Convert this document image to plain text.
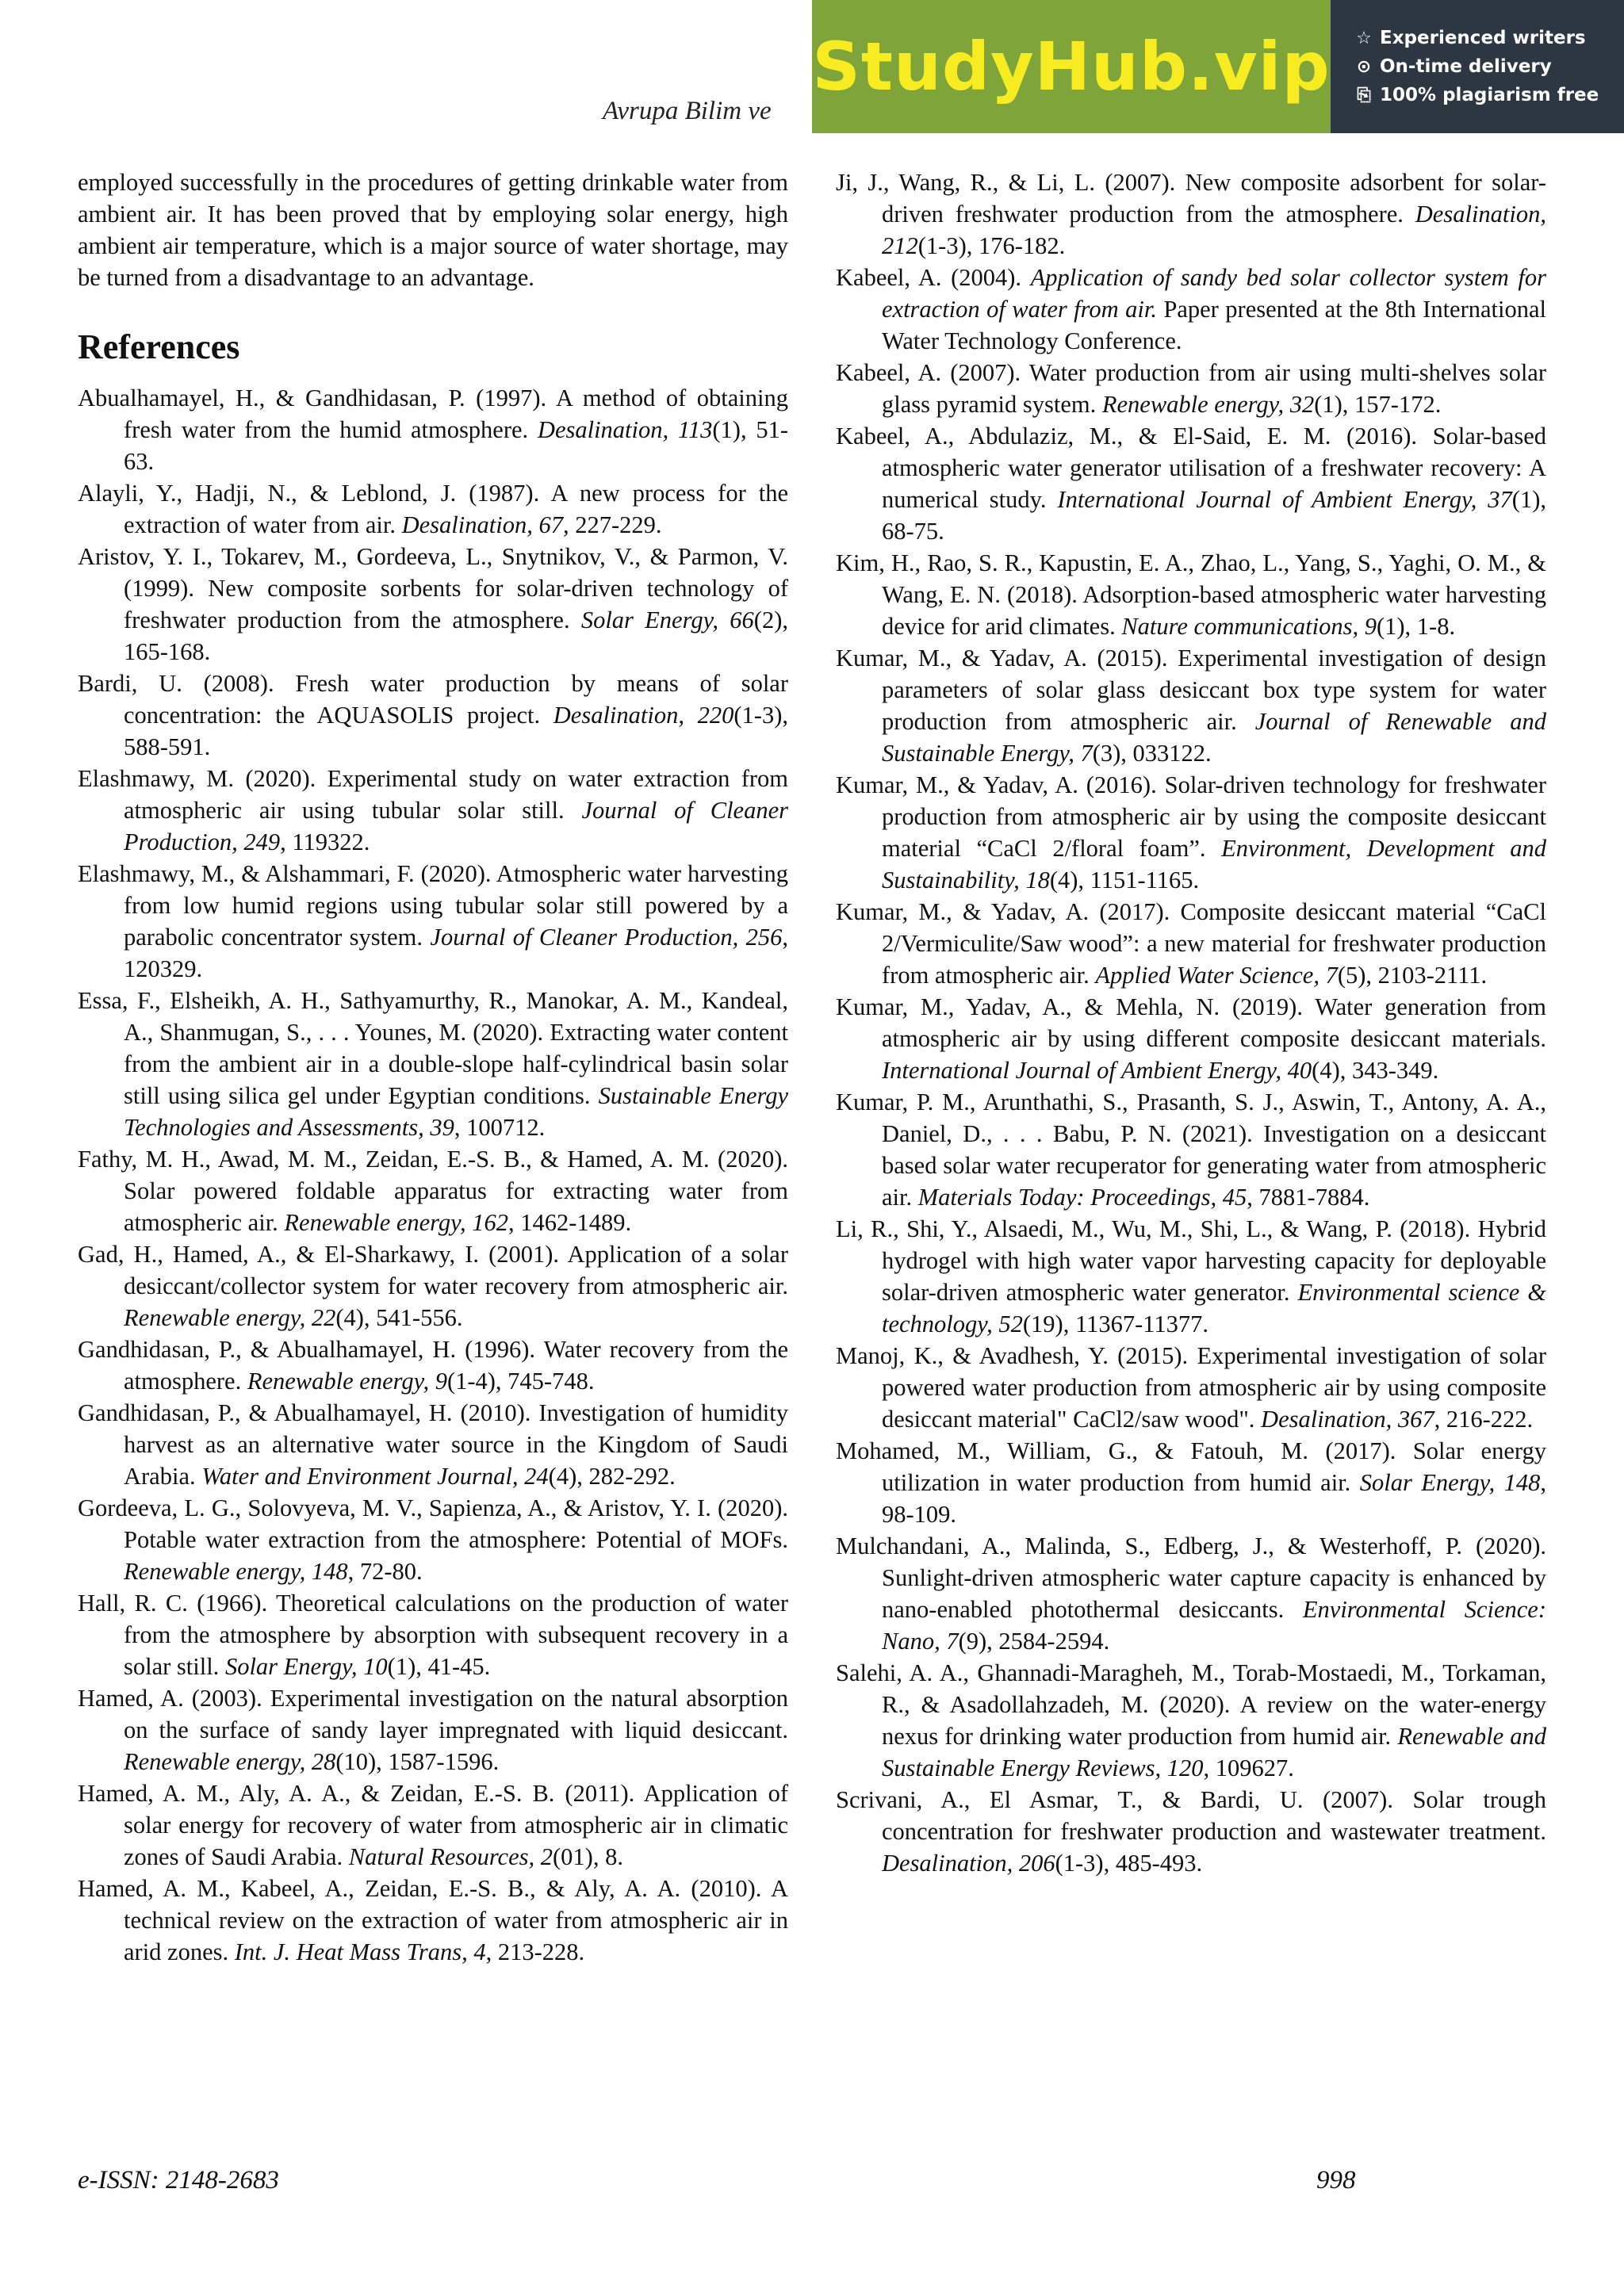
Avrupa Bilim ve
StudyHub.vip ☆ Experienced writers
⊙ On-time delivery
⎘ 100% plagiarism free

employed successfully in the procedures of getting drinkable water from ambient air. It has been proved that by employing solar energy, high ambient air temperature, which is a major source of water shortage, may be turned from a disadvantage to an advantage.

References

Abualhamayel, H., & Gandhidasan, P. (1997). A method of obtaining fresh water from the humid atmosphere. Desalination, 113(1), 51-63.

Alayli, Y., Hadji, N., & Leblond, J. (1987). A new process for the extraction of water from air. Desalination, 67, 227-229.

Aristov, Y. I., Tokarev, M., Gordeeva, L., Snytnikov, V., & Parmon, V. (1999). New composite sorbents for solar-driven technology of freshwater production from the atmosphere. Solar Energy, 66(2), 165-168.

Bardi, U. (2008). Fresh water production by means of solar concentration: the AQUASOLIS project. Desalination, 220(1-3), 588-591.

Elashmawy, M. (2020). Experimental study on water extraction from atmospheric air using tubular solar still. Journal of Cleaner Production, 249, 119322.

Elashmawy, M., & Alshammari, F. (2020). Atmospheric water harvesting from low humid regions using tubular solar still powered by a parabolic concentrator system. Journal of Cleaner Production, 256, 120329.

Essa, F., Elsheikh, A. H., Sathyamurthy, R., Manokar, A. M., Kandeal, A., Shanmugan, S., . . . Younes, M. (2020). Extracting water content from the ambient air in a double-slope half-cylindrical basin solar still using silica gel under Egyptian conditions. Sustainable Energy Technologies and Assessments, 39, 100712.

Fathy, M. H., Awad, M. M., Zeidan, E.-S. B., & Hamed, A. M. (2020). Solar powered foldable apparatus for extracting water from atmospheric air. Renewable energy, 162, 1462-1489.

Gad, H., Hamed, A., & El-Sharkawy, I. (2001). Application of a solar desiccant/collector system for water recovery from atmospheric air. Renewable energy, 22(4), 541-556.

Gandhidasan, P., & Abualhamayel, H. (1996). Water recovery from the atmosphere. Renewable energy, 9(1-4), 745-748.

Gandhidasan, P., & Abualhamayel, H. (2010). Investigation of humidity harvest as an alternative water source in the Kingdom of Saudi Arabia. Water and Environment Journal, 24(4), 282-292.

Gordeeva, L. G., Solovyeva, M. V., Sapienza, A., & Aristov, Y. I. (2020). Potable water extraction from the atmosphere: Potential of MOFs. Renewable energy, 148, 72-80.

Hall, R. C. (1966). Theoretical calculations on the production of water from the atmosphere by absorption with subsequent recovery in a solar still. Solar Energy, 10(1), 41-45.

Hamed, A. (2003). Experimental investigation on the natural absorption on the surface of sandy layer impregnated with liquid desiccant. Renewable energy, 28(10), 1587-1596.

Hamed, A. M., Aly, A. A., & Zeidan, E.-S. B. (2011). Application of solar energy for recovery of water from atmospheric air in climatic zones of Saudi Arabia. Natural Resources, 2(01), 8.

Hamed, A. M., Kabeel, A., Zeidan, E.-S. B., & Aly, A. A. (2010). A technical review on the extraction of water from atmospheric air in arid zones. Int. J. Heat Mass Trans, 4, 213-228.

Ji, J., Wang, R., & Li, L. (2007). New composite adsorbent for solar-driven freshwater production from the atmosphere. Desalination, 212(1-3), 176-182.

Kabeel, A. (2004). Application of sandy bed solar collector system for extraction of water from air. Paper presented at the 8th International Water Technology Conference.

Kabeel, A. (2007). Water production from air using multi-shelves solar glass pyramid system. Renewable energy, 32(1), 157-172.

Kabeel, A., Abdulaziz, M., & El-Said, E. M. (2016). Solar-based atmospheric water generator utilisation of a freshwater recovery: A numerical study. International Journal of Ambient Energy, 37(1), 68-75.

Kim, H., Rao, S. R., Kapustin, E. A., Zhao, L., Yang, S., Yaghi, O. M., & Wang, E. N. (2018). Adsorption-based atmospheric water harvesting device for arid climates. Nature communications, 9(1), 1-8.

Kumar, M., & Yadav, A. (2015). Experimental investigation of design parameters of solar glass desiccant box type system for water production from atmospheric air. Journal of Renewable and Sustainable Energy, 7(3), 033122.

Kumar, M., & Yadav, A. (2016). Solar-driven technology for freshwater production from atmospheric air by using the composite desiccant material “CaCl 2/floral foam”. Environment, Development and Sustainability, 18(4), 1151-1165.

Kumar, M., & Yadav, A. (2017). Composite desiccant material “CaCl 2/Vermiculite/Saw wood”: a new material for freshwater production from atmospheric air. Applied Water Science, 7(5), 2103-2111.

Kumar, M., Yadav, A., & Mehla, N. (2019). Water generation from atmospheric air by using different composite desiccant materials. International Journal of Ambient Energy, 40(4), 343-349.

Kumar, P. M., Arunthathi, S., Prasanth, S. J., Aswin, T., Antony, A. A., Daniel, D., . . . Babu, P. N. (2021). Investigation on a desiccant based solar water recuperator for generating water from atmospheric air. Materials Today: Proceedings, 45, 7881-7884.

Li, R., Shi, Y., Alsaedi, M., Wu, M., Shi, L., & Wang, P. (2018). Hybrid hydrogel with high water vapor harvesting capacity for deployable solar-driven atmospheric water generator. Environmental science & technology, 52(19), 11367-11377.

Manoj, K., & Avadhesh, Y. (2015). Experimental investigation of solar powered water production from atmospheric air by using composite desiccant material" CaCl2/saw wood". Desalination, 367, 216-222.

Mohamed, M., William, G., & Fatouh, M. (2017). Solar energy utilization in water production from humid air. Solar Energy, 148, 98-109.

Mulchandani, A., Malinda, S., Edberg, J., & Westerhoff, P. (2020). Sunlight-driven atmospheric water capture capacity is enhanced by nano-enabled photothermal desiccants. Environmental Science: Nano, 7(9), 2584-2594.

Salehi, A. A., Ghannadi-Maragheh, M., Torab-Mostaedi, M., Torkaman, R., & Asadollahzadeh, M. (2020). A review on the water-energy nexus for drinking water production from humid air. Renewable and Sustainable Energy Reviews, 120, 109627.

Scrivani, A., El Asmar, T., & Bardi, U. (2007). Solar trough concentration for freshwater production and wastewater treatment. Desalination, 206(1-3), 485-493.

e-ISSN: 2148-2683	998
